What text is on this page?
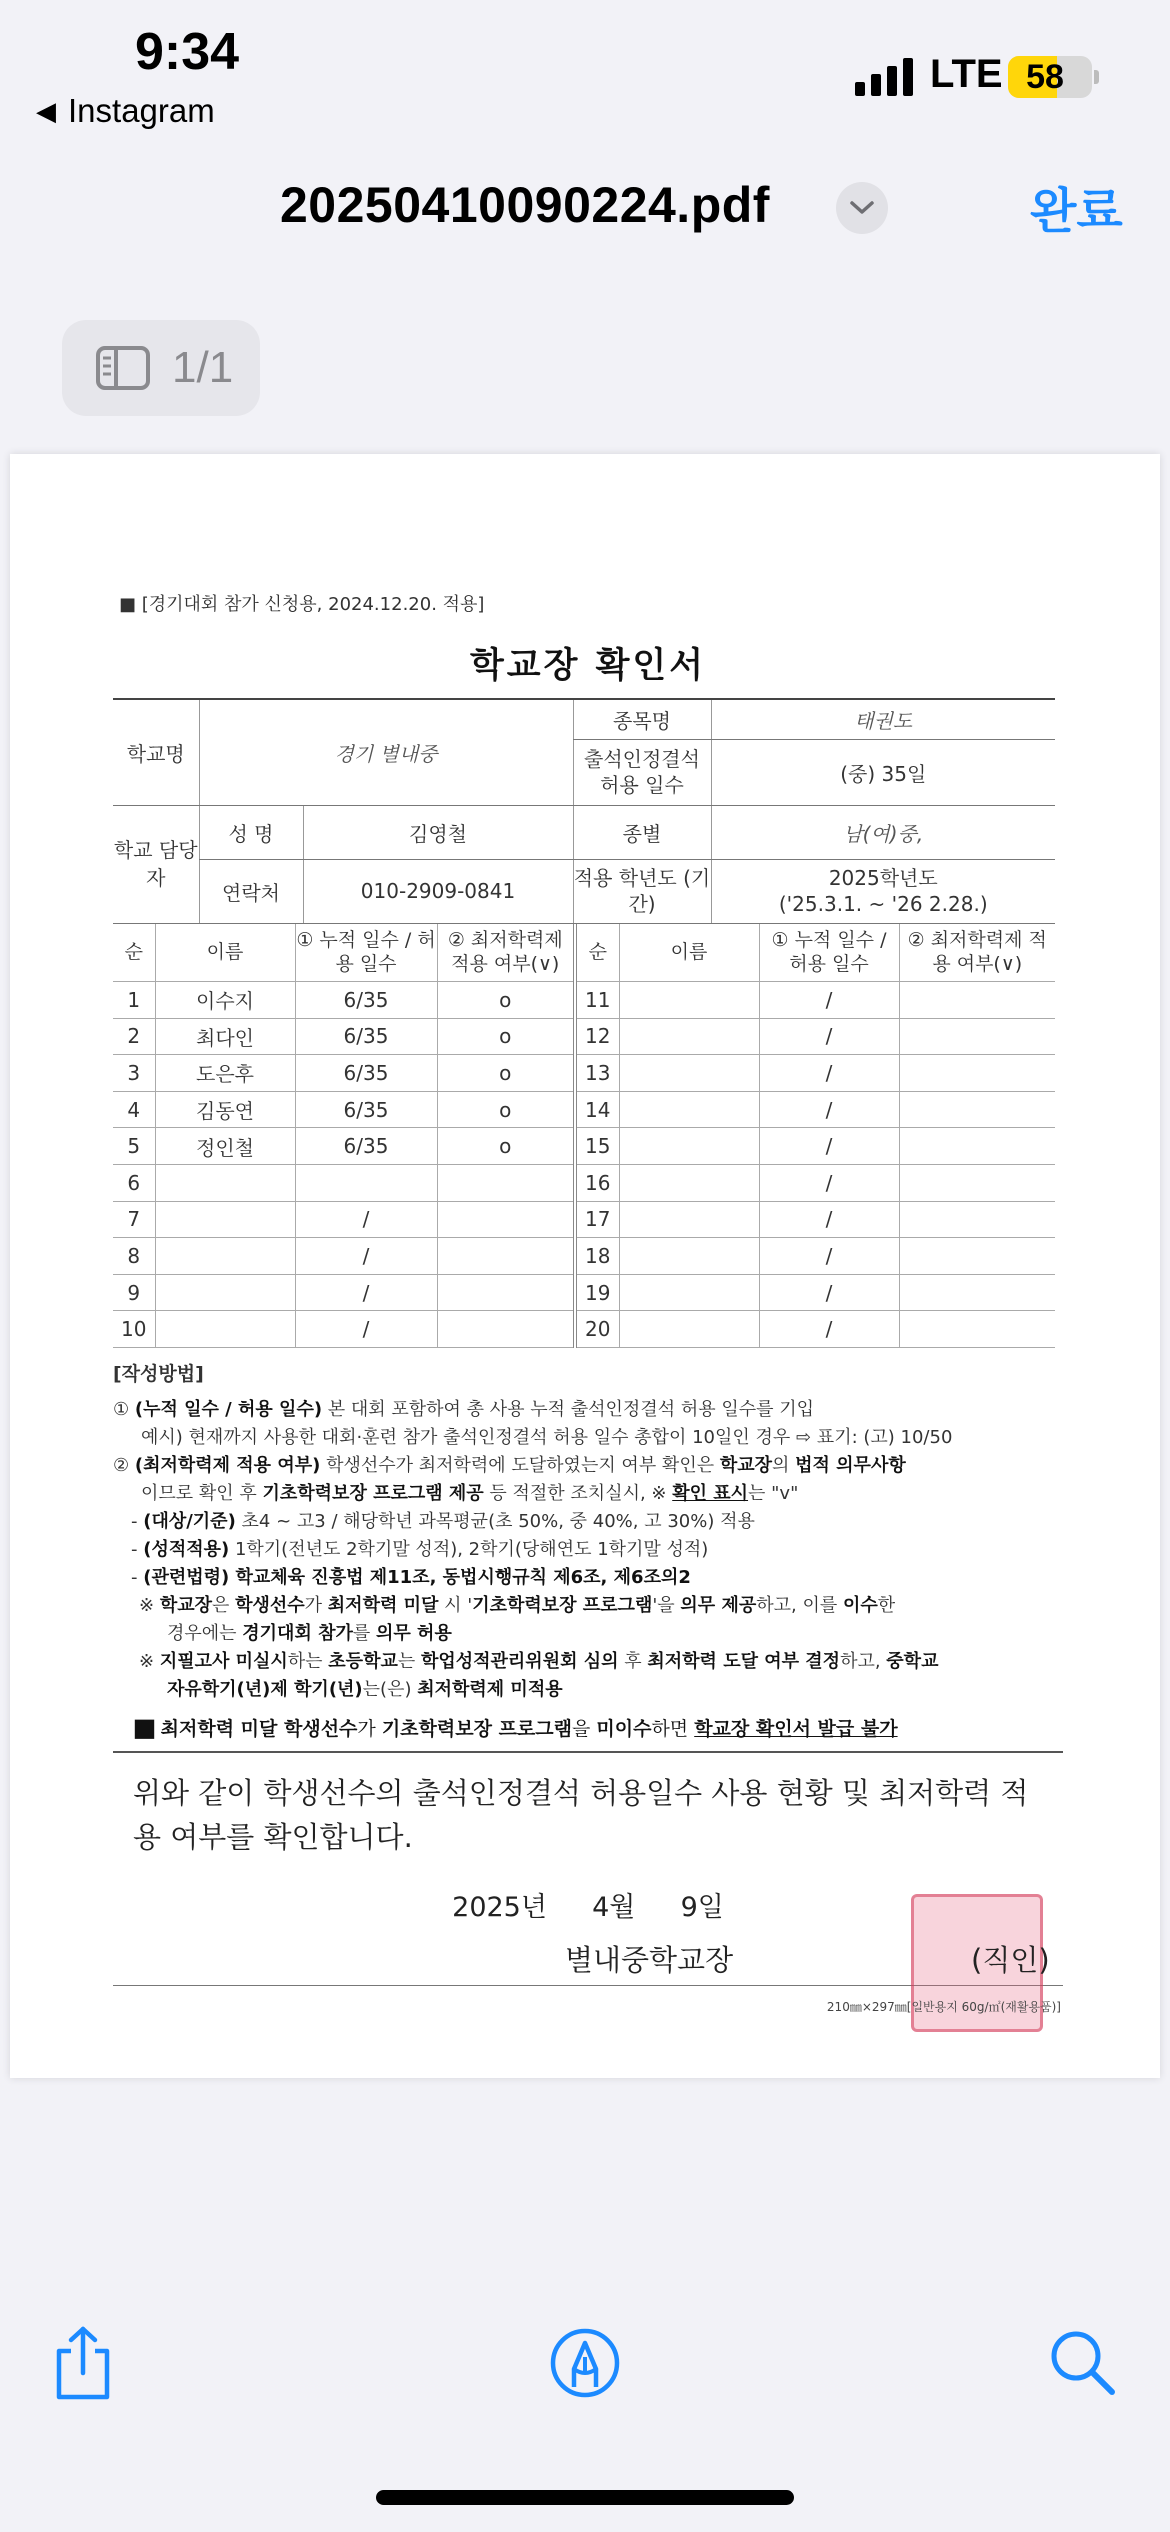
9:34
◀ Instagram
LTE 58
20250410090224.pdf	완료
1/1
■ [경기대회 참가 신청용, 2024.12.20. 적용]
학교장 확인서
학교명	경기 별내중		종목명	태권도
			출석인정결석 허용 일수	(중) 35일
학교 담당자	성 명	김영철	종별	남(여)중,
	연락처	010-2909-0841	적용 학년도 (기간)	2025학년도
('25.3.1. ~ '26 2.28.)
순	이름	① 누적 일수 / 허용 일수	② 최저학력제 적용 여부(∨)	순	이름	① 누적 일수 / 허용 일수	② 최저학력제 적용 여부(∨)
1	이수지	6/35	o	11		/	
2	최다인	6/35	o	12		/	
3	도은후	6/35	o	13		/	
4	김동연	6/35	o	14		/	
5	정인철	6/35	o	15		/	
6				16		/	
7		/		17		/	
8		/		18		/	
9		/		19		/	
10		/		20		/	
[작성방법]

① (누적 일수 / 허용 일수) 본 대회 포함하여 총 사용 누적 출석인정결석 허용 일수를 기입

예시) 현재까지 사용한 대회·훈련 참가 출석인정결석 허용 일수 총합이 10일인 경우 ⇨ 표기: (고) 10/50

② (최저학력제 적용 여부) 학생선수가 최저학력에 도달하였는지 여부 확인은 학교장의 법적 의무사항

이므로 확인 후 기초학력보장 프로그램 제공 등 적절한 조치실시, ※ 확인 표시는 "v"

- (대상/기준) 초4 ~ 고3 / 해당학년 과목평균(초 50%, 중 40%, 고 30%) 적용

- (성적적용) 1학기(전년도 2학기말 성적), 2학기(당해연도 1학기말 성적)

- (관련법령) 학교체육 진흥법 제11조, 동법시행규칙 제6조, 제6조의2

※ 학교장은 학생선수가 최저학력 미달 시 '기초학력보장 프로그램'을 의무 제공하고, 이를 이수한

경우에는 경기대회 참가를 의무 허용

※ 지필고사 미실시하는 초등학교는 학업성적관리위원회 심의 후 최저학력 도달 여부 결정하고, 중학교

자유학기(년)제 학기(년)는(은) 최저학력제 미적용

⬛︎ 최저학력 미달 학생선수가 기초학력보장 프로그램을 미이수하면 학교장 확인서 발급 불가
위와 같이 학생선수의 출석인정결석 허용일수 사용 현황 및 최저학력 적용 여부를 확인합니다.
2025년 4월 9일
별내중학교장	(직인)
210㎜×297㎜[일반용지 60g/㎡(재활용품)]
